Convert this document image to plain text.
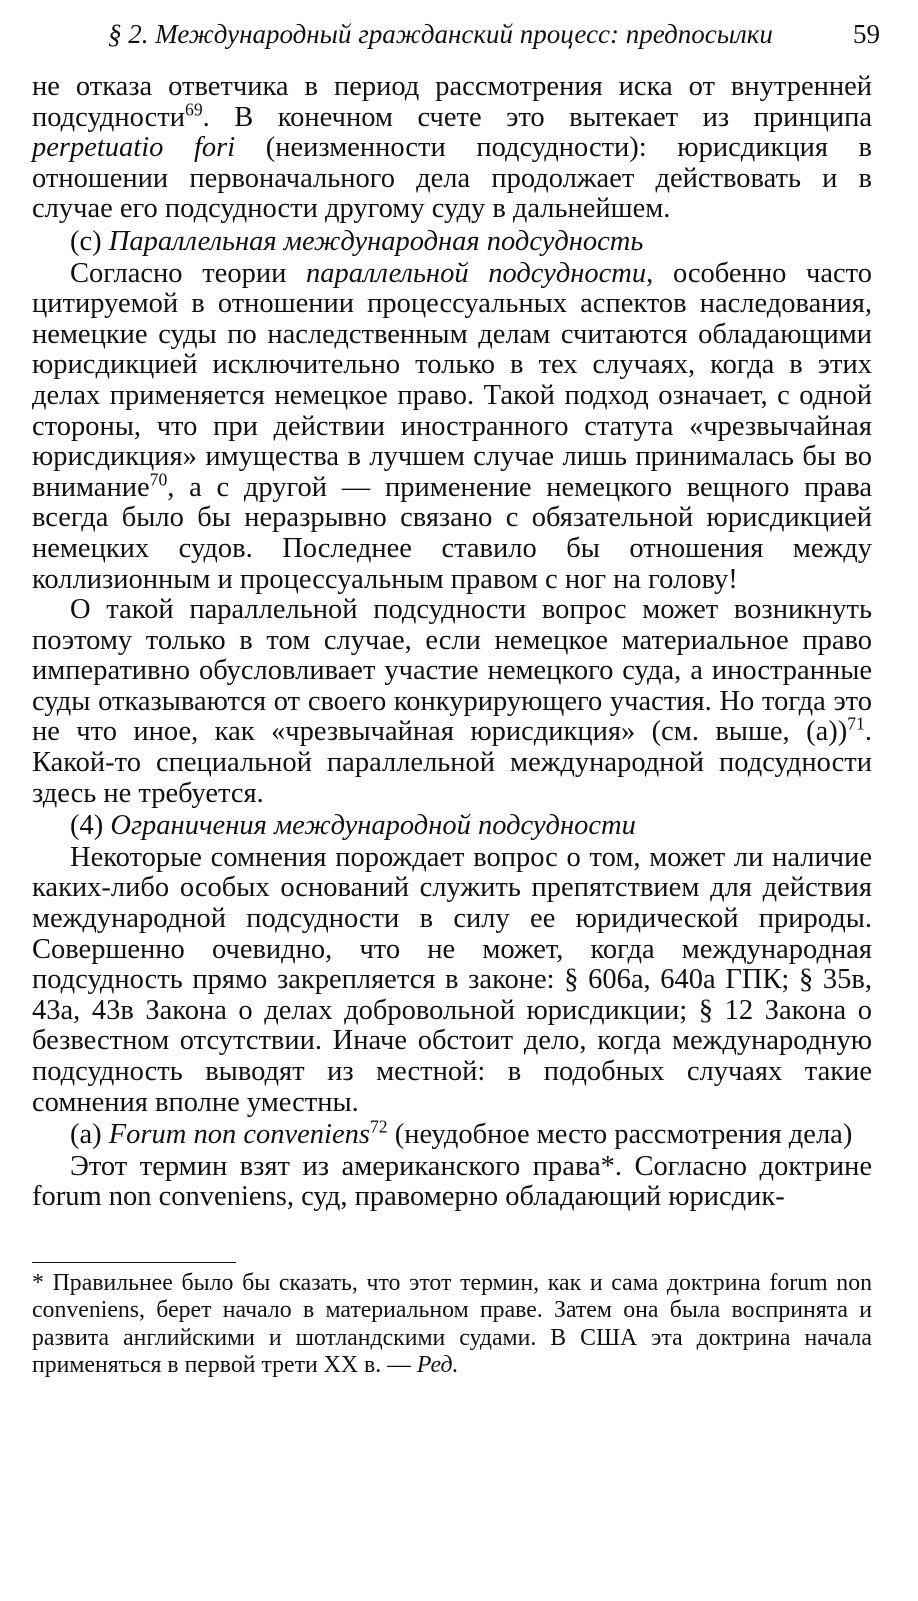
§ 2. Международный гражданский процесс: предпосылки	59

не отказа ответчика в период рассмотрения иска от внутренней подсудности$^{69}$. В конечном счете это вытекает из принципа perpetuatio fori (неизменности подсудности): юрисдикция в отношении первоначального дела продолжает действовать и в случае его подсудности другому суду в дальнейшем.

(с) Параллельная международная подсудность

Согласно теории параллельной подсудности, особенно часто цитируемой в отношении процессуальных аспектов наследования, немецкие суды по наследственным делам считаются обладающими юрисдикцией исключительно только в тех случаях, когда в этих делах применяется немецкое право. Такой подход означает, с одной стороны, что при действии иностранного статута «чрезвычайная юрисдикция» имущества в лучшем случае лишь принималась бы во внимание$^{70}$, а с другой — применение немецкого вещного права всегда было бы неразрывно связано с обязательной юрисдикцией немецких судов. Последнее ставило бы отношения между коллизионным и процессуальным правом с ног на голову!

О такой параллельной подсудности вопрос может возникнуть поэтому только в том случае, если немецкое материальное право императивно обусловливает участие немецкого суда, а иностранные суды отказываются от своего конкурирующего участия. Но тогда это не что иное, как «чрезвычайная юрисдикция» (см. выше, (а))$^{71}$. Какой-то специальной параллельной международной подсудности здесь не требуется.

(4) Ограничения международной подсудности

Некоторые сомнения порождает вопрос о том, может ли наличие каких-либо особых оснований служить препятствием для действия международной подсудности в силу ее юридической природы. Совершенно очевидно, что не может, когда международная подсудность прямо закрепляется в законе: § 606а, 640а ГПК; § 35в, 43а, 43в Закона о делах добровольной юрисдикции; § 12 Закона о безвестном отсутствии. Иначе обстоит дело, когда международную подсудность выводят из местной: в подобных случаях такие сомнения вполне уместны.

(а) Forum non conveniens$^{72}$ (неудобное место рассмотрения дела)

Этот термин взят из американского права*. Согласно доктрине forum non conveniens, суд, правомерно обладающий юрисдик-

* Правильнее было бы сказать, что этот термин, как и сама доктрина forum non conveniens, берет начало в материальном праве. Затем она была воспринята и развита английскими и шотландскими судами. В США эта доктрина начала применяться в первой трети XX в. — Ред.
